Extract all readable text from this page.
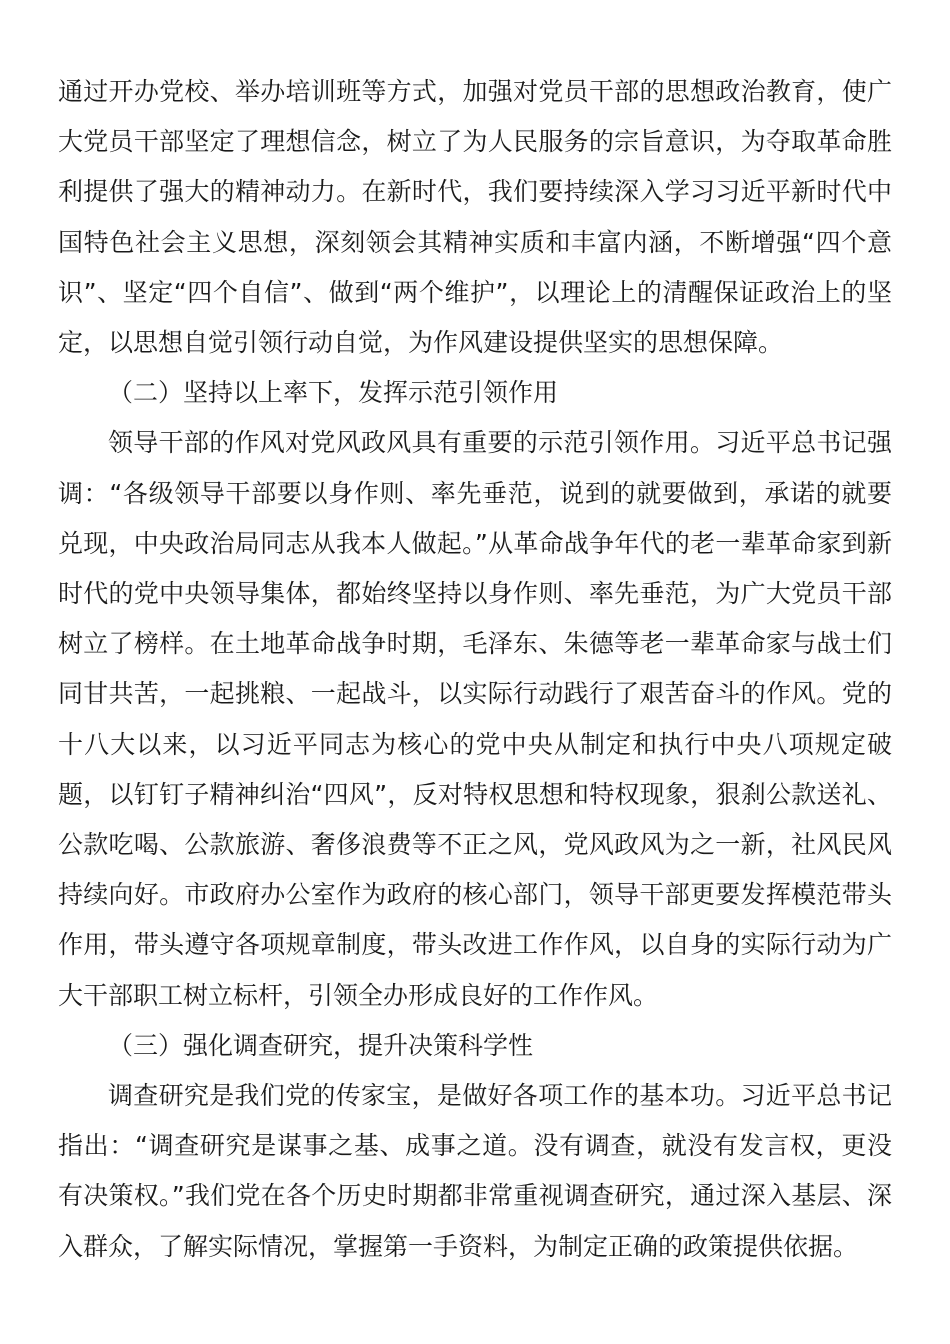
通过开办党校、举办培训班等方式，加强对党员干部的思想政治教育，使广大党员干部坚定了理想信念，树立了为人民服务的宗旨意识，为夺取革命胜利提供了强大的精神动力。在新时代，我们要持续深入学习习近平新时代中国特色社会主义思想，深刻领会其精神实质和丰富内涵，不断增强“四个意识”、坚定“四个自信”、做到“两个维护”，以理论上的清醒保证政治上的坚定，以思想自觉引领行动自觉，为作风建设提供坚实的思想保障。

（二）坚持以上率下，发挥示范引领作用

领导干部的作风对党风政风具有重要的示范引领作用。习近平总书记强调：“各级领导干部要以身作则、率先垂范，说到的就要做到，承诺的就要兑现，中央政治局同志从我本人做起。”从革命战争年代的老一辈革命家到新时代的党中央领导集体，都始终坚持以身作则、率先垂范，为广大党员干部树立了榜样。在土地革命战争时期，毛泽东、朱德等老一辈革命家与战士们同甘共苦，一起挑粮、一起战斗，以实际行动践行了艰苦奋斗的作风。党的十八大以来，以习近平同志为核心的党中央从制定和执行中央八项规定破题，以钉钉子精神纠治“四风”，反对特权思想和特权现象，狠刹公款送礼、公款吃喝、公款旅游、奢侈浪费等不正之风，党风政风为之一新，社风民风持续向好。市政府办公室作为政府的核心部门，领导干部更要发挥模范带头作用，带头遵守各项规章制度，带头改进工作作风，以自身的实际行动为广大干部职工树立标杆，引领全办形成良好的工作作风。

（三）强化调查研究，提升决策科学性

调查研究是我们党的传家宝，是做好各项工作的基本功。习近平总书记指出：“调查研究是谋事之基、成事之道。没有调查，就没有发言权，更没有决策权。”我们党在各个历史时期都非常重视调查研究，通过深入基层、深入群众，了解实际情况，掌握第一手资料，为制定正确的政策提供依据。
